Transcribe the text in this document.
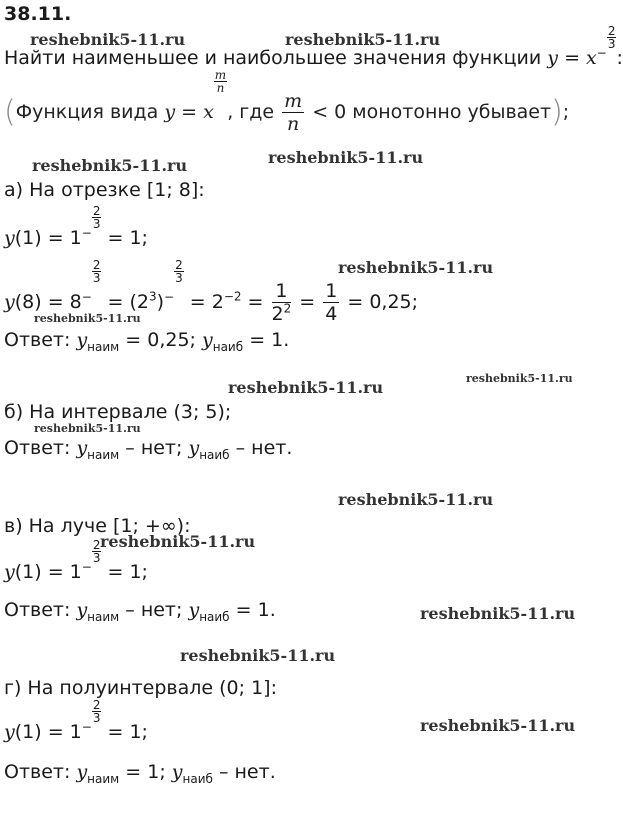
38.11.
Найти наименьшее и наибольшее значения функции $y = x^{- \frac{2}{3}}$
:
(Функция вида y = x
$^{\frac{m}{n}}$
, где $\frac{m}{n} < 0$ монотонно убывает);
а) На отрезке [1; 8]:
$y(1) = 1^{- \frac{2}{3}}$
= 1;
$y(8) = 8^{- \frac{2}{3}}$
= $(2^3)^{- \frac{2}{3}}$
= $2^{-2} = \frac{1}{2^2} = \frac{1}{4} = 0,25$;
Ответ: $y_{наим} = 0,25$; $y_{наиб} = 1$.
б) На интервале (3; 5);
Ответ: $y_{наим}$ – нет; $y_{наиб}$ – нет.
в) На луче [1; +∞):
$y(1) = 1^{- \frac{2}{3}}$
= 1;
Ответ: $y_{наим}$ – нет; $y_{наиб} = 1$.
г) На полуинтервале (0; 1]:
$y(1) = 1^{- \frac{2}{3}}$
= 1;
Ответ: $y_{наим} = 1$; $y_{наиб}$ – нет.
reshebnik5-11.ru	reshebnik5-11.ru
reshebnik5-11.ru	reshebnik5-11.ru
reshebnik5-11.ru
reshebnik5-11.ru
reshebnik5-11.ru	reshebnik5-11.ru
reshebnik5-11.ru
reshebnik5-11.ru
reshebnik5-11.ru
reshebnik5-11.ru
reshebnik5-11.ru
reshebnik5-11.ru
